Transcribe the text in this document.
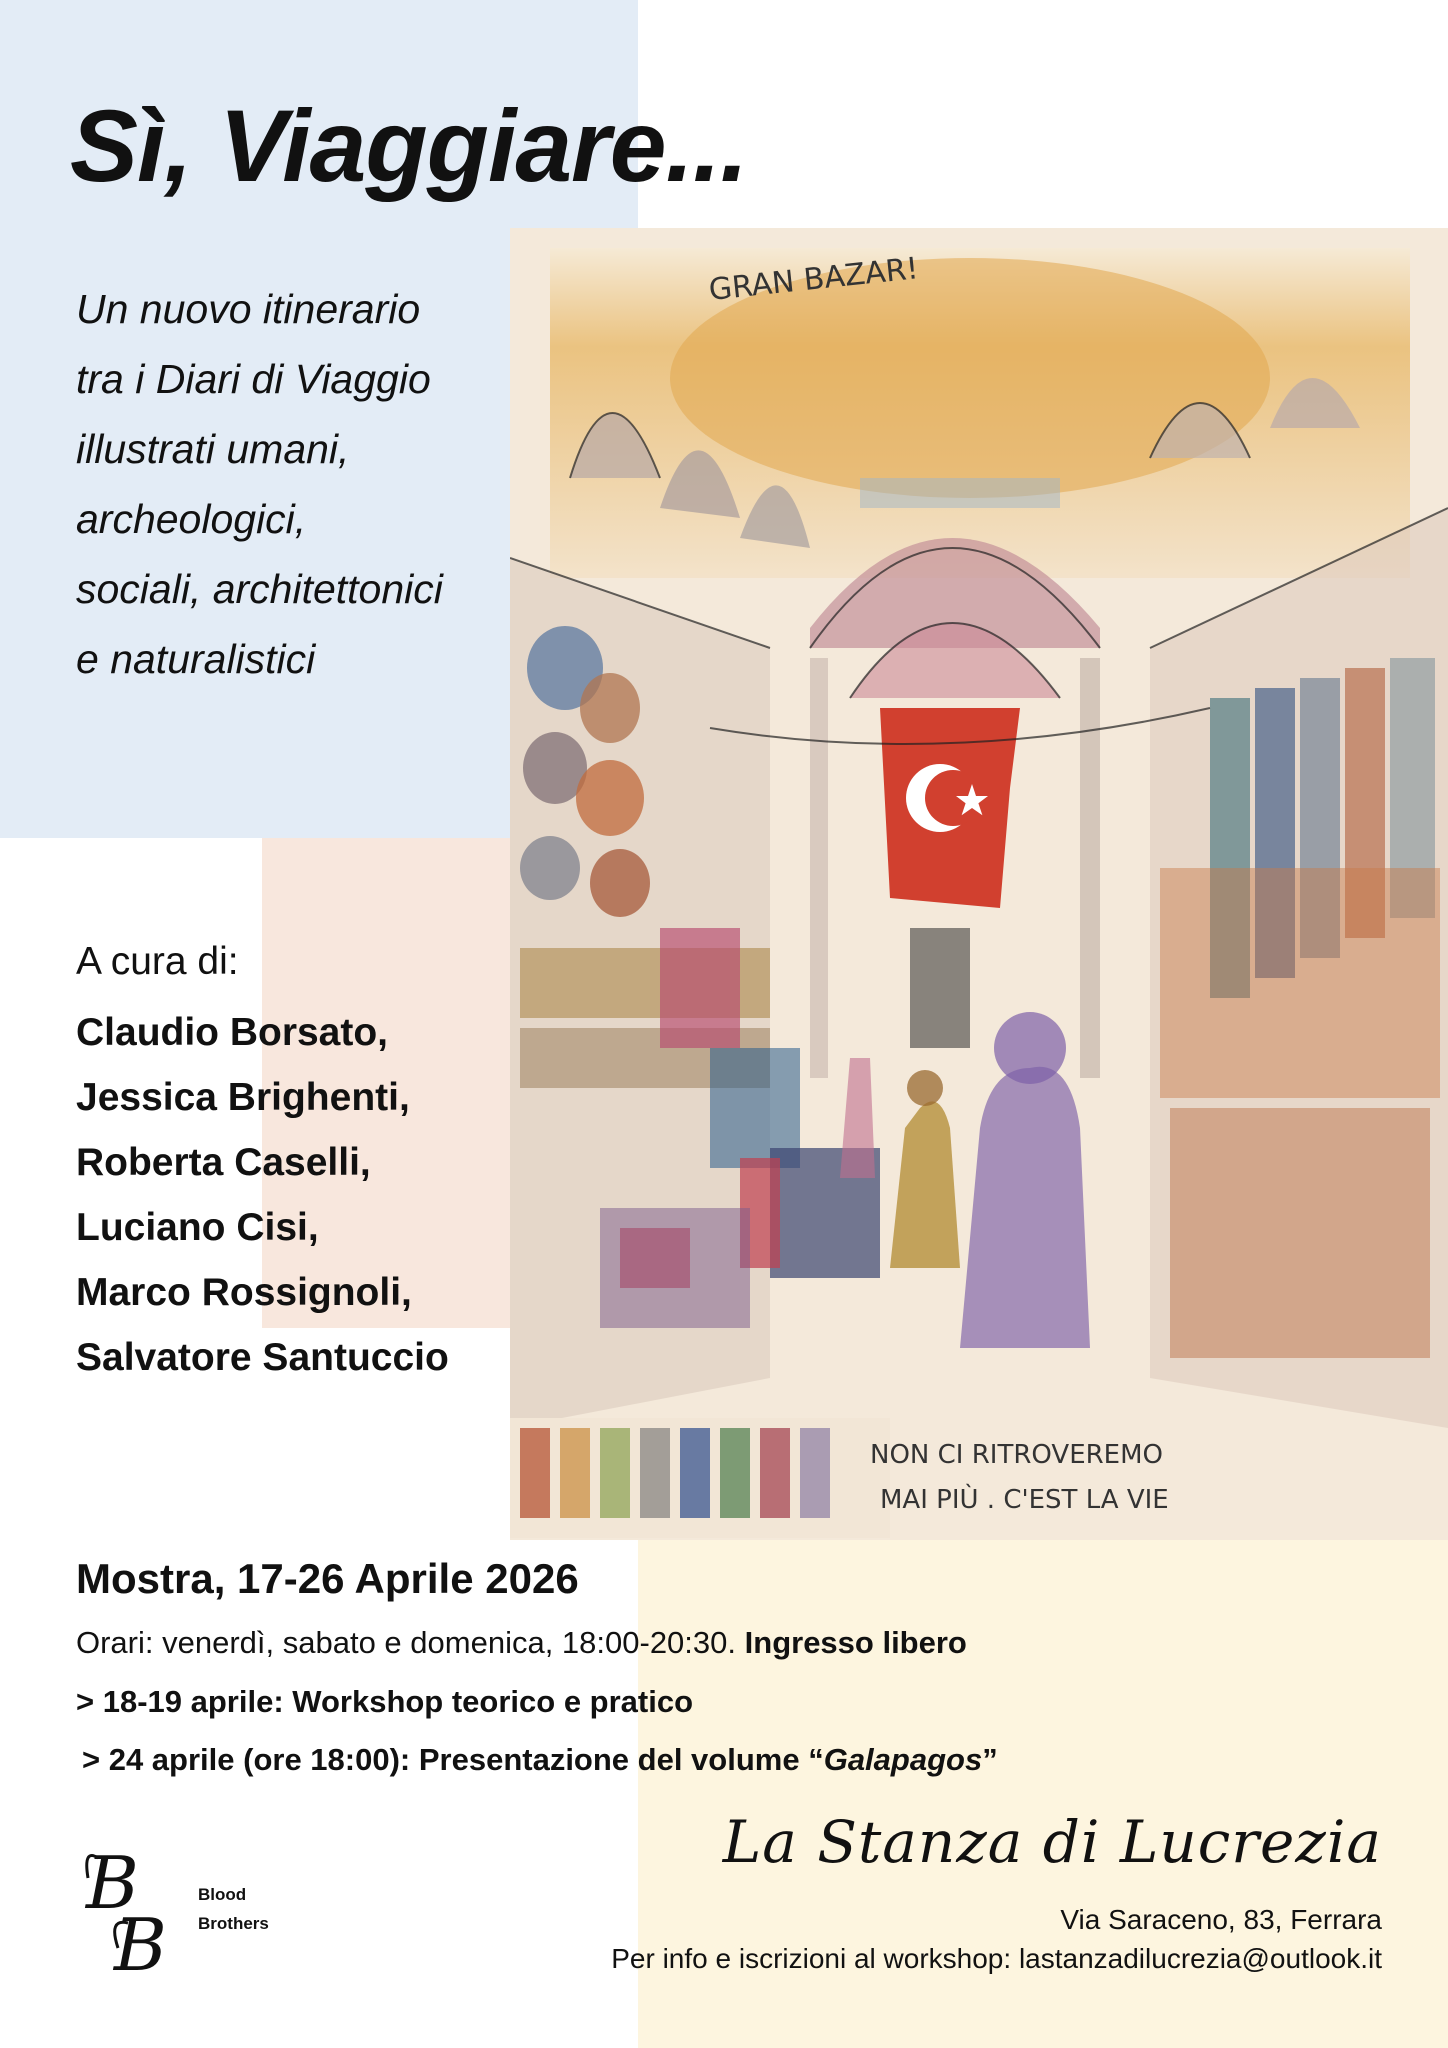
Sì, Viaggiare...
Un nuovo itinerario
tra i Diari di Viaggio
illustrati umani,
archeologici,
sociali, architettonici
e naturalistici
GRAN BAZAR!
NON CI RITROVEREMO
MAI PIÙ . C'EST LA VIE
A cura di:
Claudio Borsato,
Jessica Brighenti,
Roberta Caselli,
Luciano Cisi,
Marco Rossignoli,
Salvatore Santuccio
Mostra, 17-26 Aprile 2026
Orari: venerdì, sabato e domenica, 18:00-20:30. Ingresso libero
> 18-19 aprile: Workshop teorico e pratico
> 24 aprile (ore 18:00): Presentazione del volume “Galapagos”
B
B
Blood
Brothers
La Stanza di Lucrezia
Via Saraceno, 83, Ferrara
Per info e iscrizioni al workshop: lastanzadilucrezia@outlook.it
